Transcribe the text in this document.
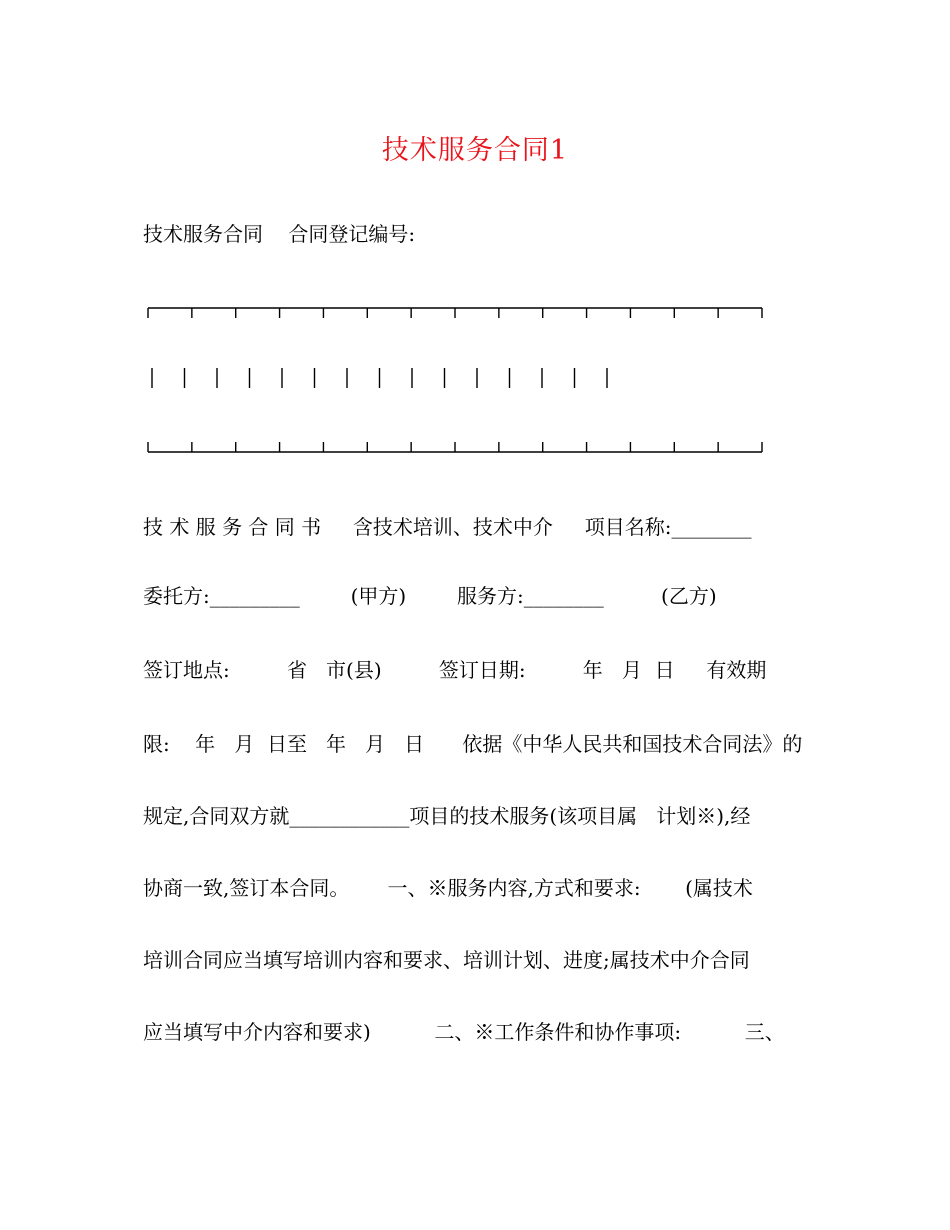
技术服务合同1
技术服务合同    合同登记编号:
技 术 服 务 合 同 书     含技术培训、技术中介     项目名称:________
委托方:_________        (甲方)        服务方:________         (乙方)
签订地点:         省   市(县)         签订日期:         年   月  日     有效期
限:    年   月  日至   年   月   日      依据《中华人民共和国技术合同法》的
规定,合同双方就____________项目的技术服务(该项目属   计划※),经
协商一致,签订本合同。      一、※服务内容,方式和要求:       (属技术
培训合同应当填写培训内容和要求、培训计划、进度;属技术中介合同
应当填写中介内容和要求)          二、※工作条件和协作事项:          三、
